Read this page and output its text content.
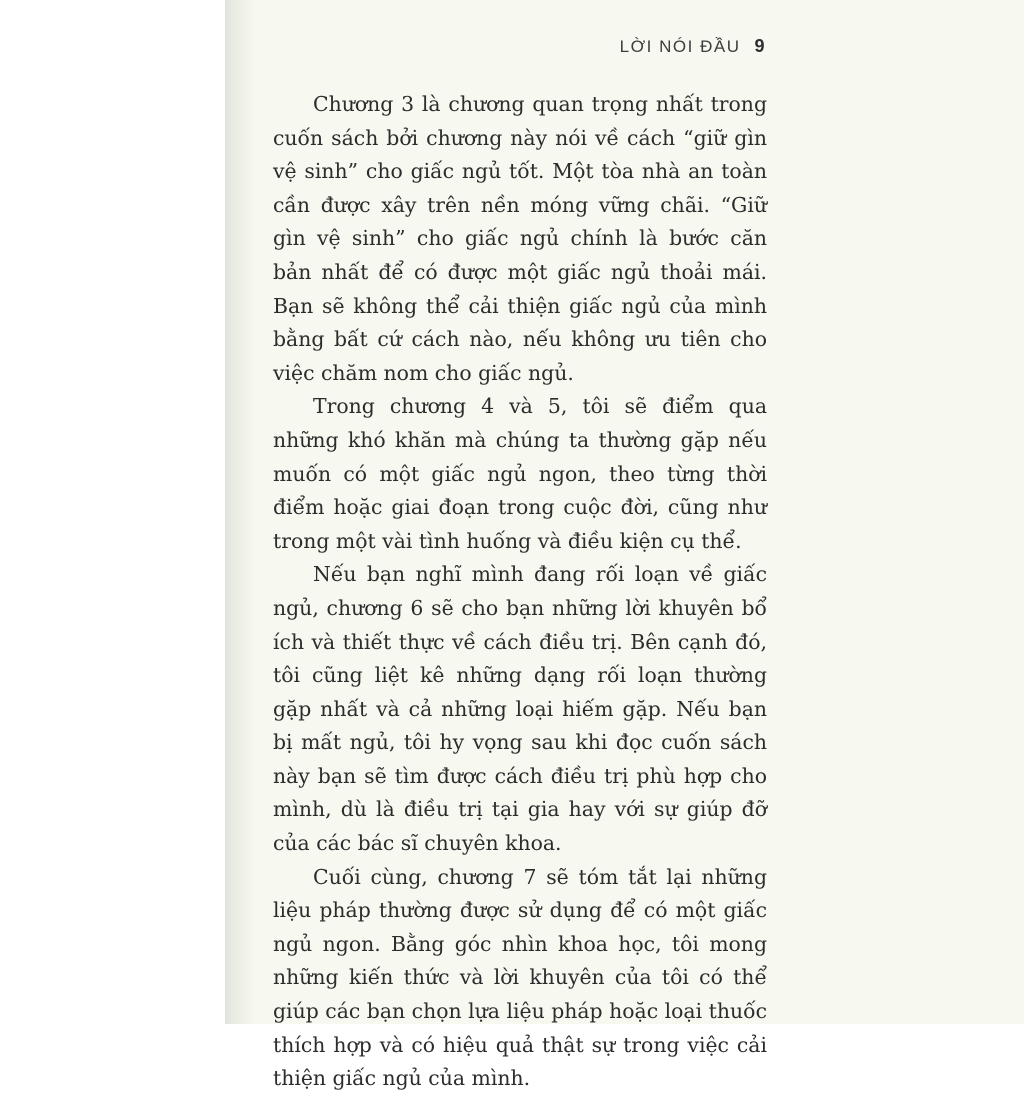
LỜI NÓI ĐẦU 9

Chương 3 là chương quan trọng nhất trong cuốn sách bởi chương này nói về cách “giữ gìn vệ sinh” cho giấc ngủ tốt. Một tòa nhà an toàn cần được xây trên nền móng vững chãi. “Giữ gìn vệ sinh” cho giấc ngủ chính là bước căn bản nhất để có được một giấc ngủ thoải mái. Bạn sẽ không thể cải thiện giấc ngủ của mình bằng bất cứ cách nào, nếu không ưu tiên cho việc chăm nom cho giấc ngủ.

Trong chương 4 và 5, tôi sẽ điểm qua những khó khăn mà chúng ta thường gặp nếu muốn có một giấc ngủ ngon, theo từng thời điểm hoặc giai đoạn trong cuộc đời, cũng như trong một vài tình huống và điều kiện cụ thể.

Nếu bạn nghĩ mình đang rối loạn về giấc ngủ, chương 6 sẽ cho bạn những lời khuyên bổ ích và thiết thực về cách điều trị. Bên cạnh đó, tôi cũng liệt kê những dạng rối loạn thường gặp nhất và cả những loại hiếm gặp. Nếu bạn bị mất ngủ, tôi hy vọng sau khi đọc cuốn sách này bạn sẽ tìm được cách điều trị phù hợp cho mình, dù là điều trị tại gia hay với sự giúp đỡ của các bác sĩ chuyên khoa.

Cuối cùng, chương 7 sẽ tóm tắt lại những liệu pháp thường được sử dụng để có một giấc ngủ ngon. Bằng góc nhìn khoa học, tôi mong những kiến thức và lời khuyên của tôi có thể giúp các bạn chọn lựa liệu pháp hoặc loại thuốc thích hợp và có hiệu quả thật sự trong việc cải thiện giấc ngủ của mình.
